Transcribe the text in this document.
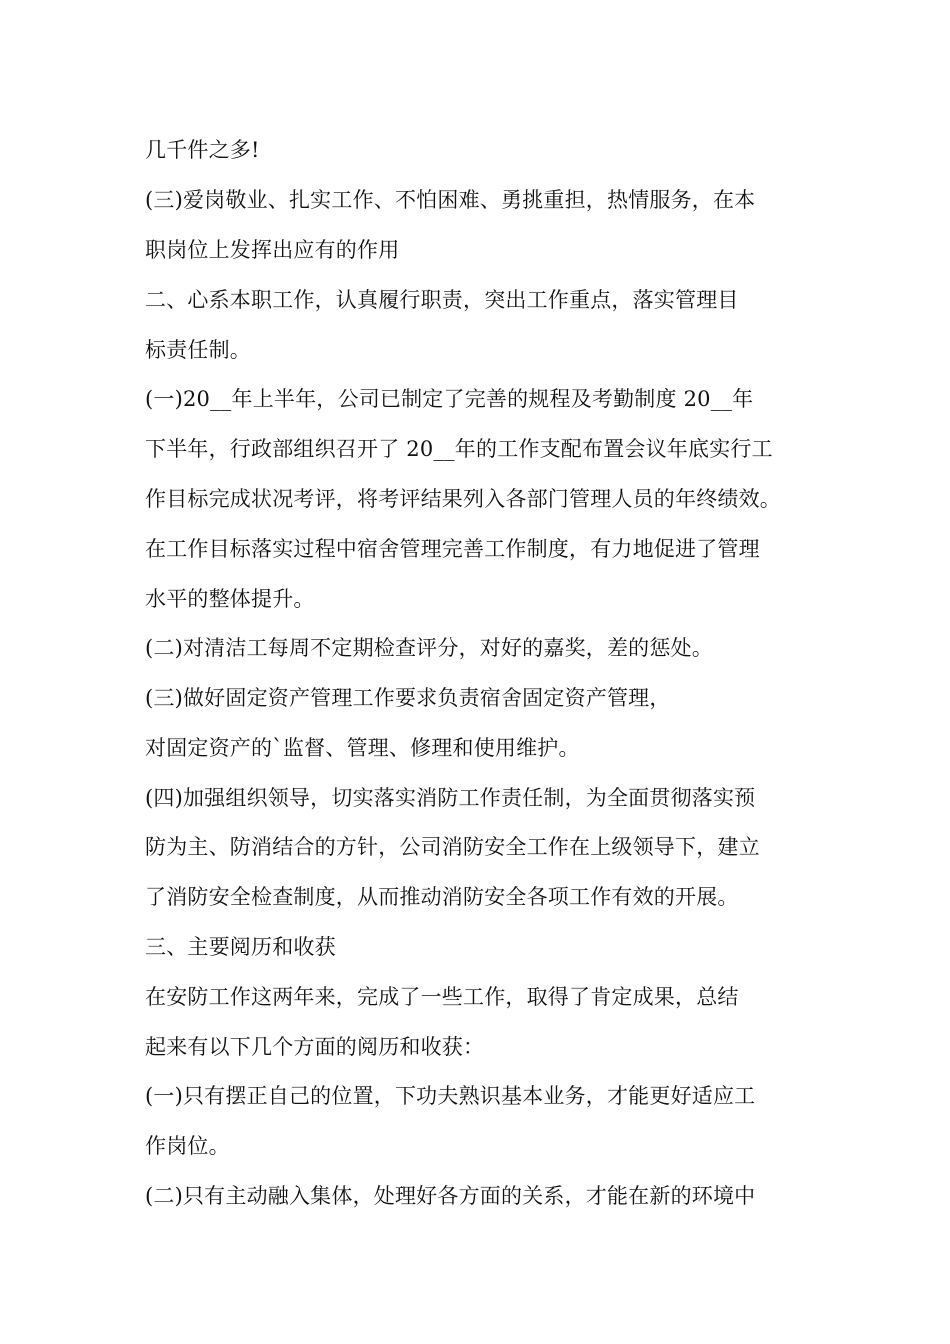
几千件之多!
(三)爱岗敬业、扎实工作、不怕困难、勇挑重担，热情服务，在本
职岗位上发挥出应有的作用
二、心系本职工作，认真履行职责，突出工作重点，落实管理目
标责任制。
(一)20__年上半年，公司已制定了完善的规程及考勤制度 20__年
下半年，行政部组织召开了 20__年的工作支配布置会议年底实行工
作目标完成状况考评，将考评结果列入各部门管理人员的年终绩效。
在工作目标落实过程中宿舍管理完善工作制度，有力地促进了管理
水平的整体提升。
(二)对清洁工每周不定期检查评分，对好的嘉奖，差的惩处。
(三)做好固定资产管理工作要求负责宿舍固定资产管理，
对固定资产的`监督、管理、修理和使用维护。
(四)加强组织领导，切实落实消防工作责任制，为全面贯彻落实预
防为主、防消结合的方针，公司消防安全工作在上级领导下，建立
了消防安全检查制度，从而推动消防安全各项工作有效的开展。
三、主要阅历和收获
在安防工作这两年来，完成了一些工作，取得了肯定成果，总结
起来有以下几个方面的阅历和收获：
(一)只有摆正自己的位置，下功夫熟识基本业务，才能更好适应工
作岗位。
(二)只有主动融入集体，处理好各方面的关系，才能在新的环境中
